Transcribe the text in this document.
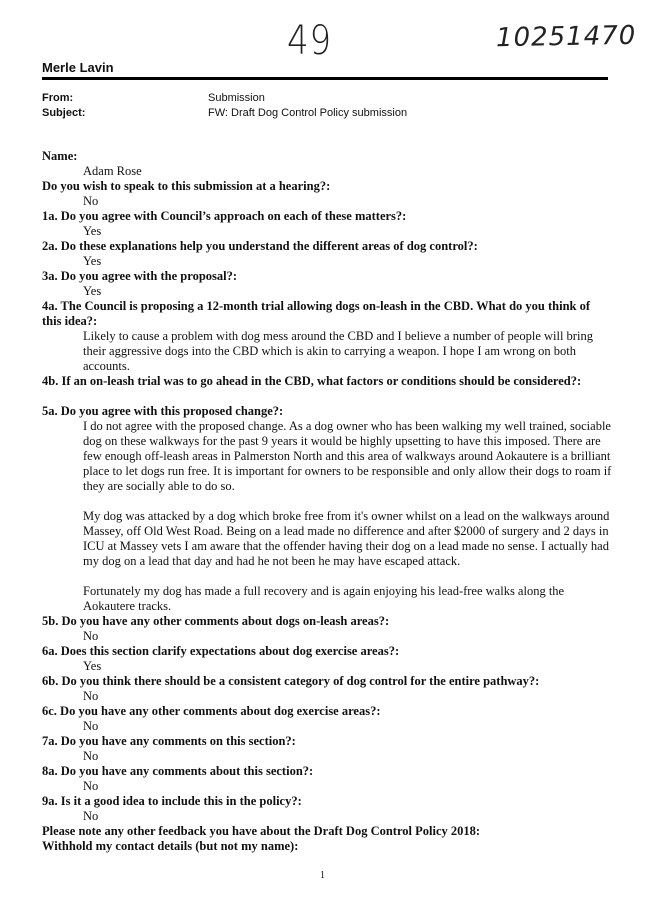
49	10251470
Merle Lavin
From:	Submission
Subject:	FW: Draft Dog Control Policy submission
Name:
Adam Rose
Do you wish to speak to this submission at a hearing?:
No
1a. Do you agree with Council’s approach on each of these matters?:
Yes
2a. Do these explanations help you understand the different areas of dog control?:
Yes
3a. Do you agree with the proposal?:
Yes
4a. The Council is proposing a 12-month trial allowing dogs on-leash in the CBD. What do you think of this idea?:
Likely to cause a problem with dog mess around the CBD and I believe a number of people will bring their aggressive dogs into the CBD which is akin to carrying a weapon. I hope I am wrong on both accounts.
4b. If an on-leash trial was to go ahead in the CBD, what factors or conditions should be considered?:
5a. Do you agree with this proposed change?:
I do not agree with the proposed change. As a dog owner who has been walking my well trained, sociable dog on these walkways for the past 9 years it would be highly upsetting to have this imposed. There are few enough off-leash areas in Palmerston North and this area of walkways around Aokautere is a brilliant place to let dogs run free. It is important for owners to be responsible and only allow their dogs to roam if they are socially able to do so.
My dog was attacked by a dog which broke free from it's owner whilst on a lead on the walkways around Massey, off Old West Road. Being on a lead made no difference and after $2000 of surgery and 2 days in ICU at Massey vets I am aware that the offender having their dog on a lead made no sense. I actually had my dog on a lead that day and had he not been he may have escaped attack.
Fortunately my dog has made a full recovery and is again enjoying his lead-free walks along the Aokautere tracks.
5b. Do you have any other comments about dogs on-leash areas?:
No
6a. Does this section clarify expectations about dog exercise areas?:
Yes
6b. Do you think there should be a consistent category of dog control for the entire pathway?:
No
6c. Do you have any other comments about dog exercise areas?:
No
7a. Do you have any comments on this section?:
No
8a. Do you have any comments about this section?:
No
9a. Is it a good idea to include this in the policy?:
No
Please note any other feedback you have about the Draft Dog Control Policy 2018:
Withhold my contact details (but not my name):
1
